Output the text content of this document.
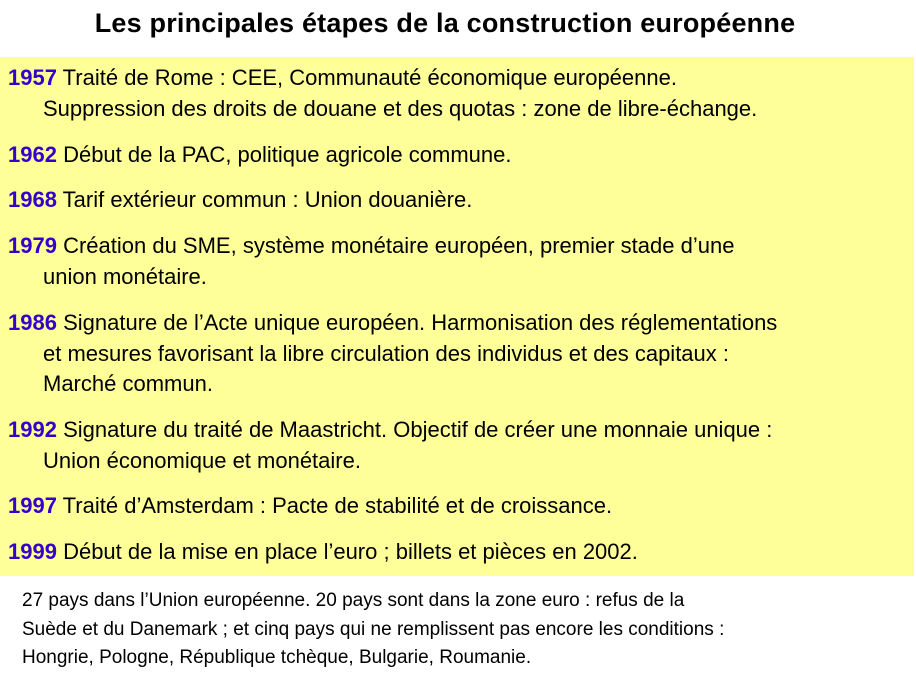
Les principales étapes de la construction européenne
1957 Traité de Rome : CEE, Communauté économique européenne.
Suppression des droits de douane et des quotas : zone de libre-échange.
1962 Début de la PAC, politique agricole commune.
1968 Tarif extérieur commun : Union douanière.
1979 Création du SME, système monétaire européen, premier stade d’une
union monétaire.
1986 Signature de l’Acte unique européen. Harmonisation des réglementations
et mesures favorisant la libre circulation des individus et des capitaux :
Marché commun.
1992 Signature du traité de Maastricht. Objectif de créer une monnaie unique :
Union économique et monétaire.
1997 Traité d’Amsterdam : Pacte de stabilité et de croissance.
1999 Début de la mise en place l’euro ; billets et pièces en 2002.
27 pays dans l’Union européenne. 20 pays sont dans la zone euro : refus de la
Suède et du Danemark ; et cinq pays qui ne remplissent pas encore les conditions :
Hongrie, Pologne, République tchèque, Bulgarie, Roumanie.
